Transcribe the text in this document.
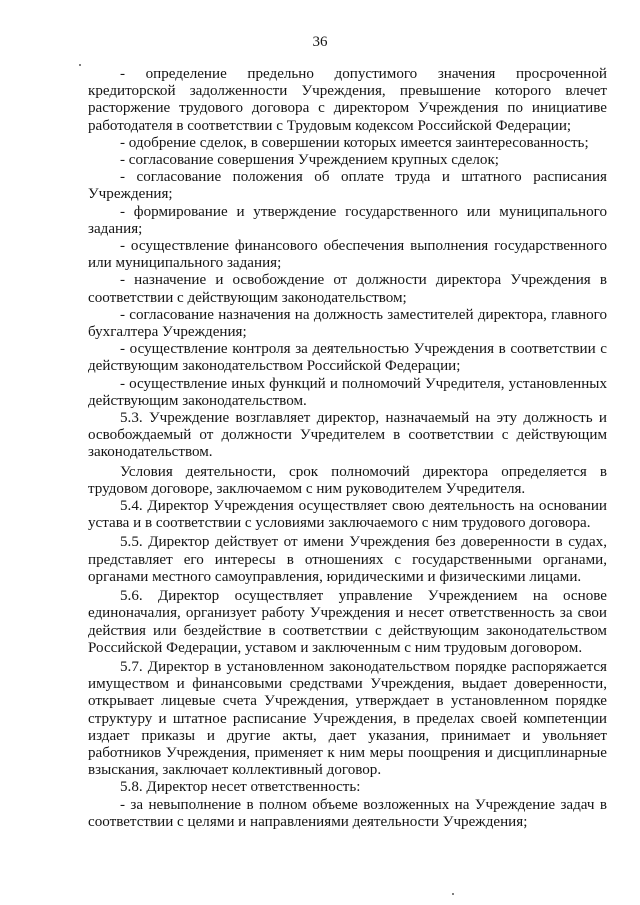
36

- определение предельно допустимого значения просроченной кредиторской задолженности Учреждения, превышение которого влечет расторжение трудового договора с директором Учреждения по инициативе работодателя в соответствии с Трудовым кодексом Российской Федерации;

- одобрение сделок, в совершении которых имеется заинтересованность;

- согласование совершения Учреждением крупных сделок;

- согласование положения об оплате труда и штатного расписания Учреждения;

- формирование и утверждение государственного или муниципального задания;

- осуществление финансового обеспечения выполнения государственного или муниципального задания;

- назначение и освобождение от должности директора Учреждения в соответствии с действующим законодательством;

- согласование назначения на должность заместителей директора, главного бухгалтера Учреждения;

- осуществление контроля за деятельностью Учреждения в соответствии с действующим законодательством Российской Федерации;

- осуществление иных функций и полномочий Учредителя, установленных действующим законодательством.

5.3. Учреждение возглавляет директор, назначаемый на эту должность и освобождаемый от должности Учредителем в соответствии с действующим законодательством.

Условия деятельности, срок полномочий директора определяется в трудовом договоре, заключаемом с ним руководителем Учредителя.

5.4. Директор Учреждения осуществляет свою деятельность на основании устава и в соответствии с условиями заключаемого с ним трудового договора.

5.5. Директор действует от имени Учреждения без доверенности в судах, представляет его интересы в отношениях с государственными органами, органами местного самоуправления, юридическими и физическими лицами.

5.6. Директор осуществляет управление Учреждением на основе единоначалия, организует работу Учреждения и несет ответственность за свои действия или бездействие в соответствии с действующим законодательством Российской Федерации, уставом и заключенным с ним трудовым договором.

5.7. Директор в установленном законодательством порядке распоряжается имуществом и финансовыми средствами Учреждения, выдает доверенности, открывает лицевые счета Учреждения, утверждает в установленном порядке структуру и штатное расписание Учреждения, в пределах своей компетенции издает приказы и другие акты, дает указания, принимает и увольняет работников Учреждения, применяет к ним меры поощрения и дисциплинарные взыскания, заключает коллективный договор.

5.8. Директор несет ответственность:

- за невыполнение в полном объеме возложенных на Учреждение задач в соответствии с целями и направлениями деятельности Учреждения;
